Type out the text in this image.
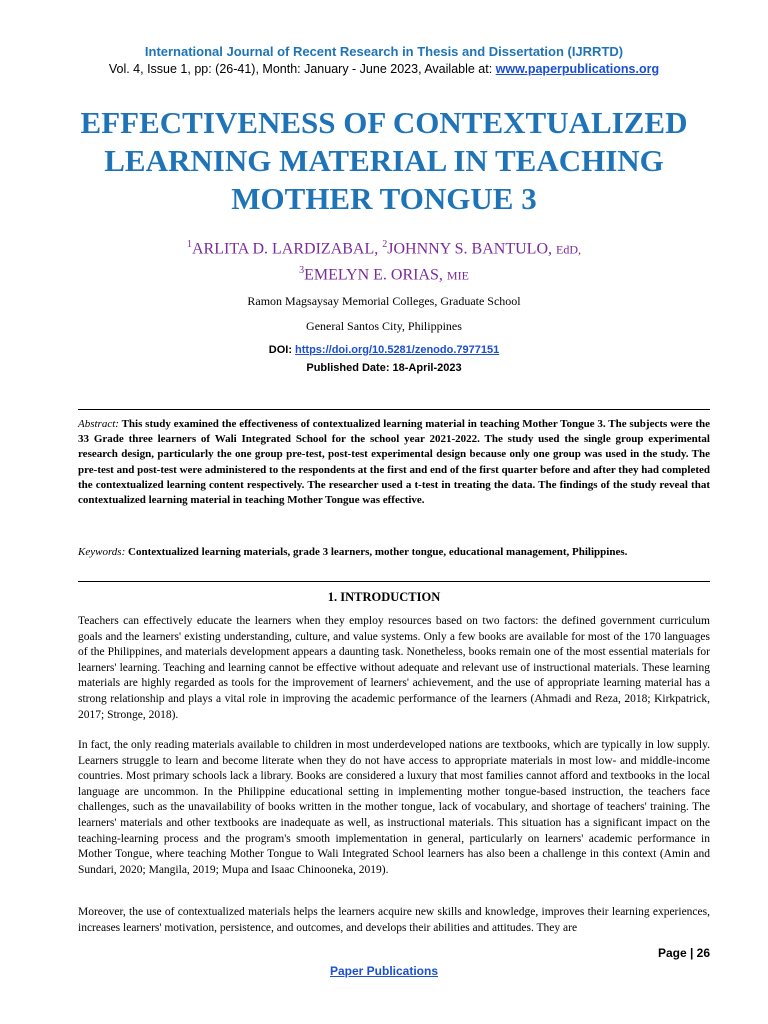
International Journal of Recent Research in Thesis and Dissertation (IJRRTD)
Vol. 4, Issue 1, pp: (26-41), Month: January - June 2023, Available at: www.paperpublications.org
EFFECTIVENESS OF CONTEXTUALIZED
LEARNING MATERIAL IN TEACHING
MOTHER TONGUE 3
$^1$ARLITA D. LARDIZABAL, $^2$JOHNNY S. BANTULO, EdD,
$^3$EMELYN E. ORIAS, MIE
Ramon Magsaysay Memorial Colleges, Graduate School
General Santos City, Philippines
DOI: https://doi.org/10.5281/zenodo.7977151
Published Date: 18-April-2023
Abstract: This study examined the effectiveness of contextualized learning material in teaching Mother Tongue 3. The subjects were the 33 Grade three learners of Wali Integrated School for the school year 2021-2022. The study used the single group experimental research design, particularly the one group pre-test, post-test experimental design because only one group was used in the study. The pre-test and post-test were administered to the respondents at the first and end of the first quarter before and after they had completed the contextualized learning content respectively. The researcher used a t-test in treating the data. The findings of the study reveal that contextualized learning material in teaching Mother Tongue was effective.
Keywords: Contextualized learning materials, grade 3 learners, mother tongue, educational management, Philippines.
1. INTRODUCTION
Teachers can effectively educate the learners when they employ resources based on two factors: the defined government curriculum goals and the learners' existing understanding, culture, and value systems. Only a few books are available for most of the 170 languages of the Philippines, and materials development appears a daunting task. Nonetheless, books remain one of the most essential materials for learners' learning. Teaching and learning cannot be effective without adequate and relevant use of instructional materials. These learning materials are highly regarded as tools for the improvement of learners' achievement, and the use of appropriate learning material has a strong relationship and plays a vital role in improving the academic performance of the learners (Ahmadi and Reza, 2018; Kirkpatrick, 2017; Stronge, 2018).
In fact, the only reading materials available to children in most underdeveloped nations are textbooks, which are typically in low supply. Learners struggle to learn and become literate when they do not have access to appropriate materials in most low- and middle-income countries. Most primary schools lack a library. Books are considered a luxury that most families cannot afford and textbooks in the local language are uncommon. In the Philippine educational setting in implementing mother tongue-based instruction, the teachers face challenges, such as the unavailability of books written in the mother tongue, lack of vocabulary, and shortage of teachers' training. The learners' materials and other textbooks are inadequate as well, as instructional materials. This situation has a significant impact on the teaching-learning process and the program's smooth implementation in general, particularly on learners' academic performance in Mother Tongue, where teaching Mother Tongue to Wali Integrated School learners has also been a challenge in this context (Amin and Sundari, 2020; Mangila, 2019; Mupa and Isaac Chinooneka, 2019).
Moreover, the use of contextualized materials helps the learners acquire new skills and knowledge, improves their learning experiences, increases learners' motivation, persistence, and outcomes, and develops their abilities and attitudes. They are
Page | 26
Paper Publications
